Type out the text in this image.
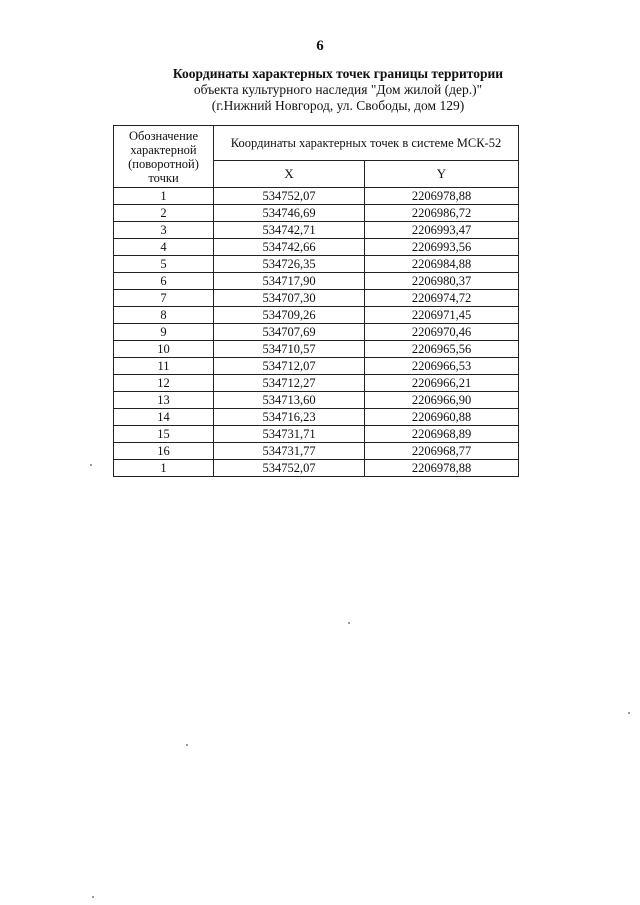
6
Координаты характерных точек границы территории
объекта культурного наследия "Дом жилой (дер.)"
(г.Нижний Новгород, ул. Свободы, дом 129)
Обозначение
характерной
(поворотной)
точки	Координаты характерных точек в системе МСК-52	
	X	Y
1	534752,07	2206978,88
2	534746,69	2206986,72
3	534742,71	2206993,47
4	534742,66	2206993,56
5	534726,35	2206984,88
6	534717,90	2206980,37
7	534707,30	2206974,72
8	534709,26	2206971,45
9	534707,69	2206970,46
10	534710,57	2206965,56
11	534712,07	2206966,53
12	534712,27	2206966,21
13	534713,60	2206966,90
14	534716,23	2206960,88
15	534731,71	2206968,89
16	534731,77	2206968,77
1	534752,07	2206978,88
